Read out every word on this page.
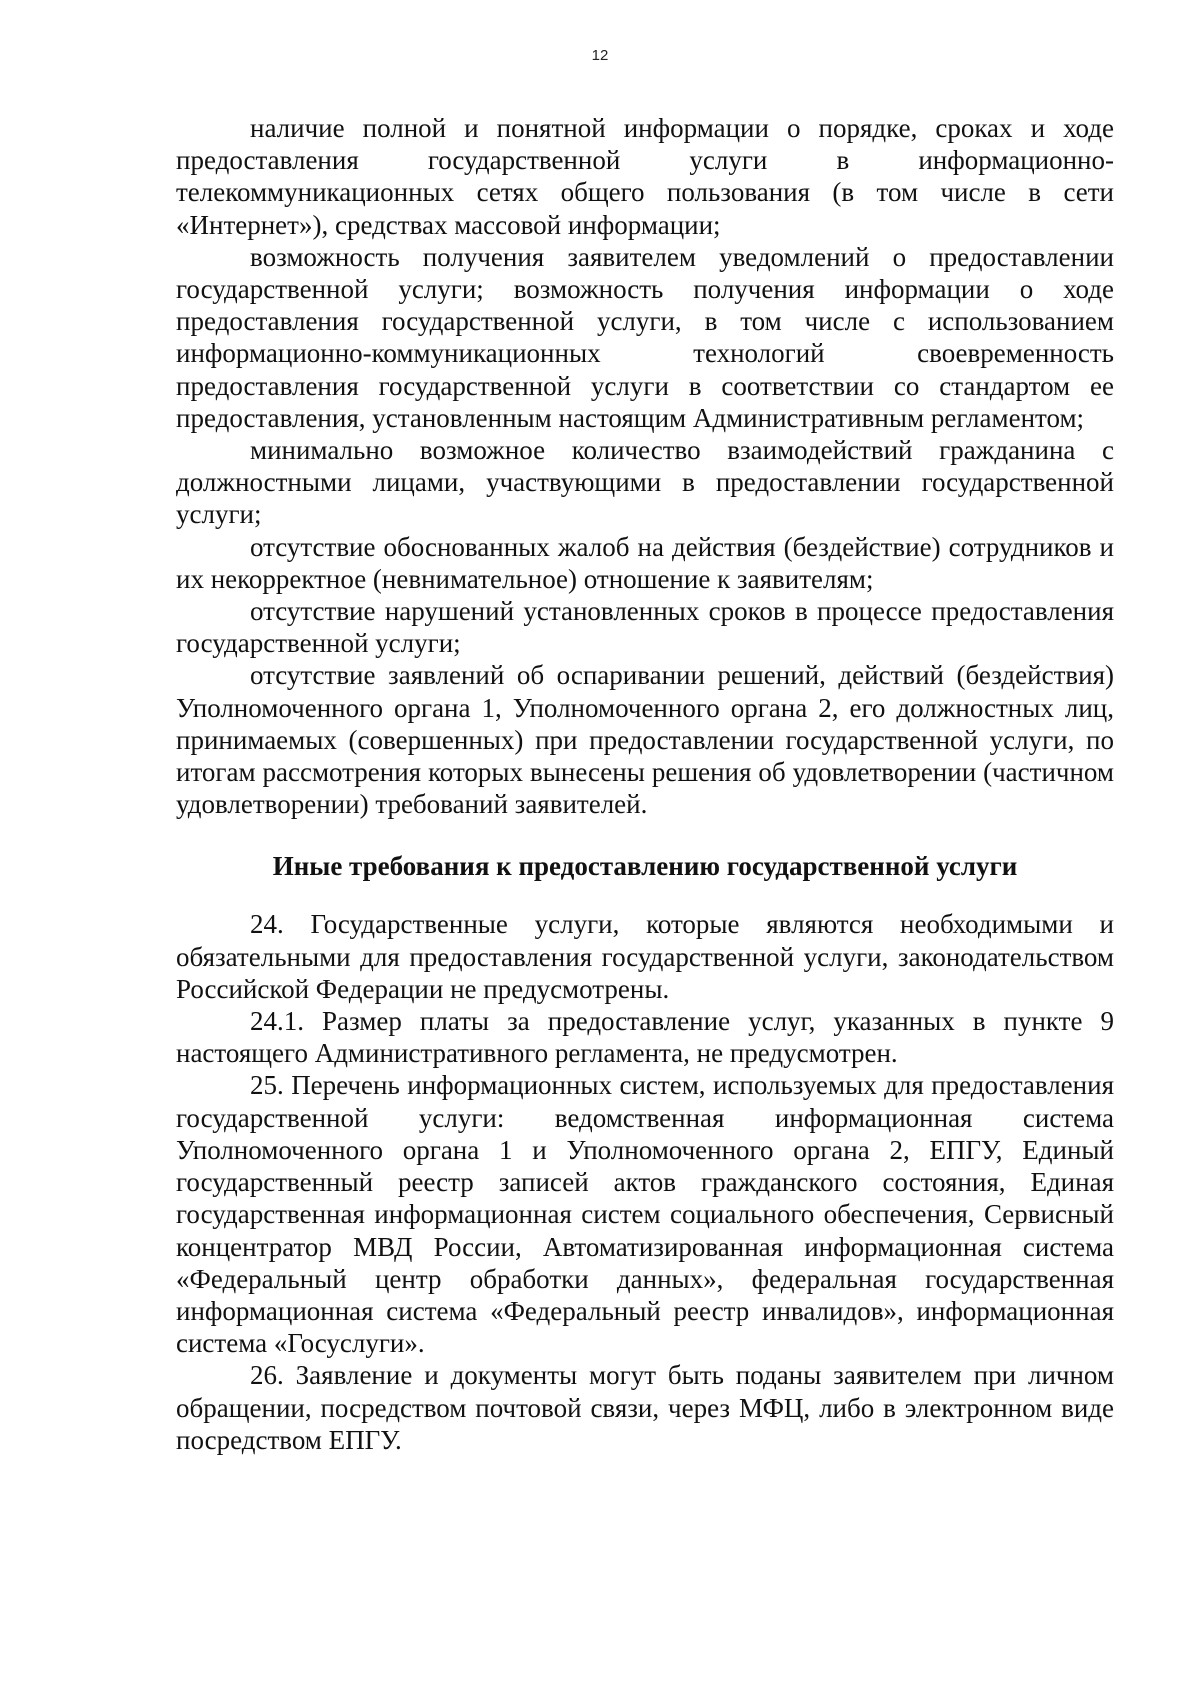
12

наличие полной и понятной информации о порядке, сроках и ходе предоставления государственной услуги в информационно-телекоммуникационных сетях общего пользования (в том числе в сети «Интернет»), средствах массовой информации;

возможность получения заявителем уведомлений о предоставлении государственной услуги; возможность получения информации о ходе предоставления государственной услуги, в том числе с использованием информационно-коммуникационных технологий своевременность предоставления государственной услуги в соответствии со стандартом ее предоставления, установленным настоящим Административным регламентом;

минимально возможное количество взаимодействий гражданина с должностными лицами, участвующими в предоставлении государственной услуги;

отсутствие обоснованных жалоб на действия (бездействие) сотрудников и их некорректное (невнимательное) отношение к заявителям;

отсутствие нарушений установленных сроков в процессе предоставления государственной услуги;

отсутствие заявлений об оспаривании решений, действий (бездействия) Уполномоченного органа 1, Уполномоченного органа 2, его должностных лиц, принимаемых (совершенных) при предоставлении государственной услуги, по итогам рассмотрения которых вынесены решения об удовлетворении (частичном удовлетворении) требований заявителей.

Иные требования к предоставлению государственной услуги

24. Государственные услуги, которые являются необходимыми и обязательными для предоставления государственной услуги, законодательством Российской Федерации не предусмотрены.

24.1. Размер платы за предоставление услуг, указанных в пункте 9 настоящего Административного регламента, не предусмотрен.

25. Перечень информационных систем, используемых для предоставления государственной услуги: ведомственная информационная система Уполномоченного органа 1 и Уполномоченного органа 2, ЕПГУ, Единый государственный реестр записей актов гражданского состояния, Единая государственная информационная систем социального обеспечения, Сервисный концентратор МВД России, Автоматизированная информационная система «Федеральный центр обработки данных», федеральная государственная информационная система «Федеральный реестр инвалидов», информационная система «Госуслуги».

26. Заявление и документы могут быть поданы заявителем при личном обращении, посредством почтовой связи, через МФЦ, либо в электронном виде посредством ЕПГУ.
